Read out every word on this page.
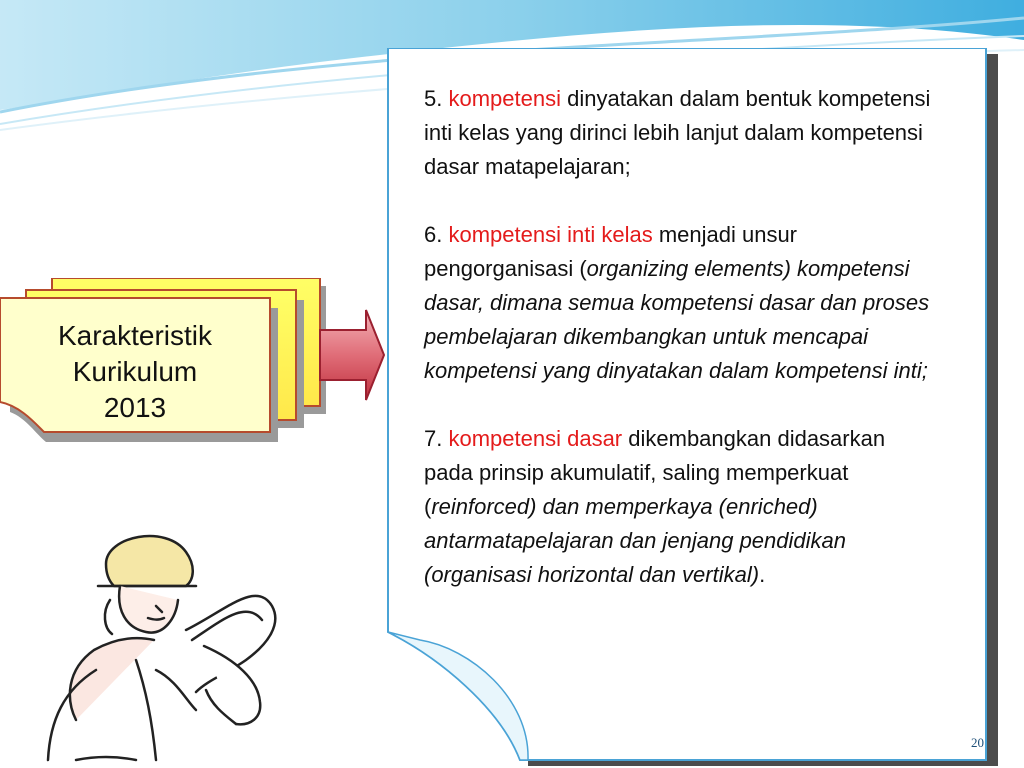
Karakteristik
Kurikulum
2013

5. kompetensi dinyatakan dalam bentuk kompetensi inti kelas yang dirinci lebih lanjut dalam kompetensi dasar matapelajaran;

6. kompetensi inti kelas menjadi unsur pengorganisasi (organizing elements) kompetensi dasar, dimana semua kompetensi dasar dan proses pembelajaran dikembangkan untuk mencapai kompetensi yang dinyatakan dalam kompetensi inti;

7. kompetensi dasar dikembangkan didasarkan pada prinsip akumulatif, saling memperkuat (reinforced) dan memperkaya (enriched) antarmatapelajaran dan jenjang pendidikan (organisasi horizontal dan vertikal).

20
